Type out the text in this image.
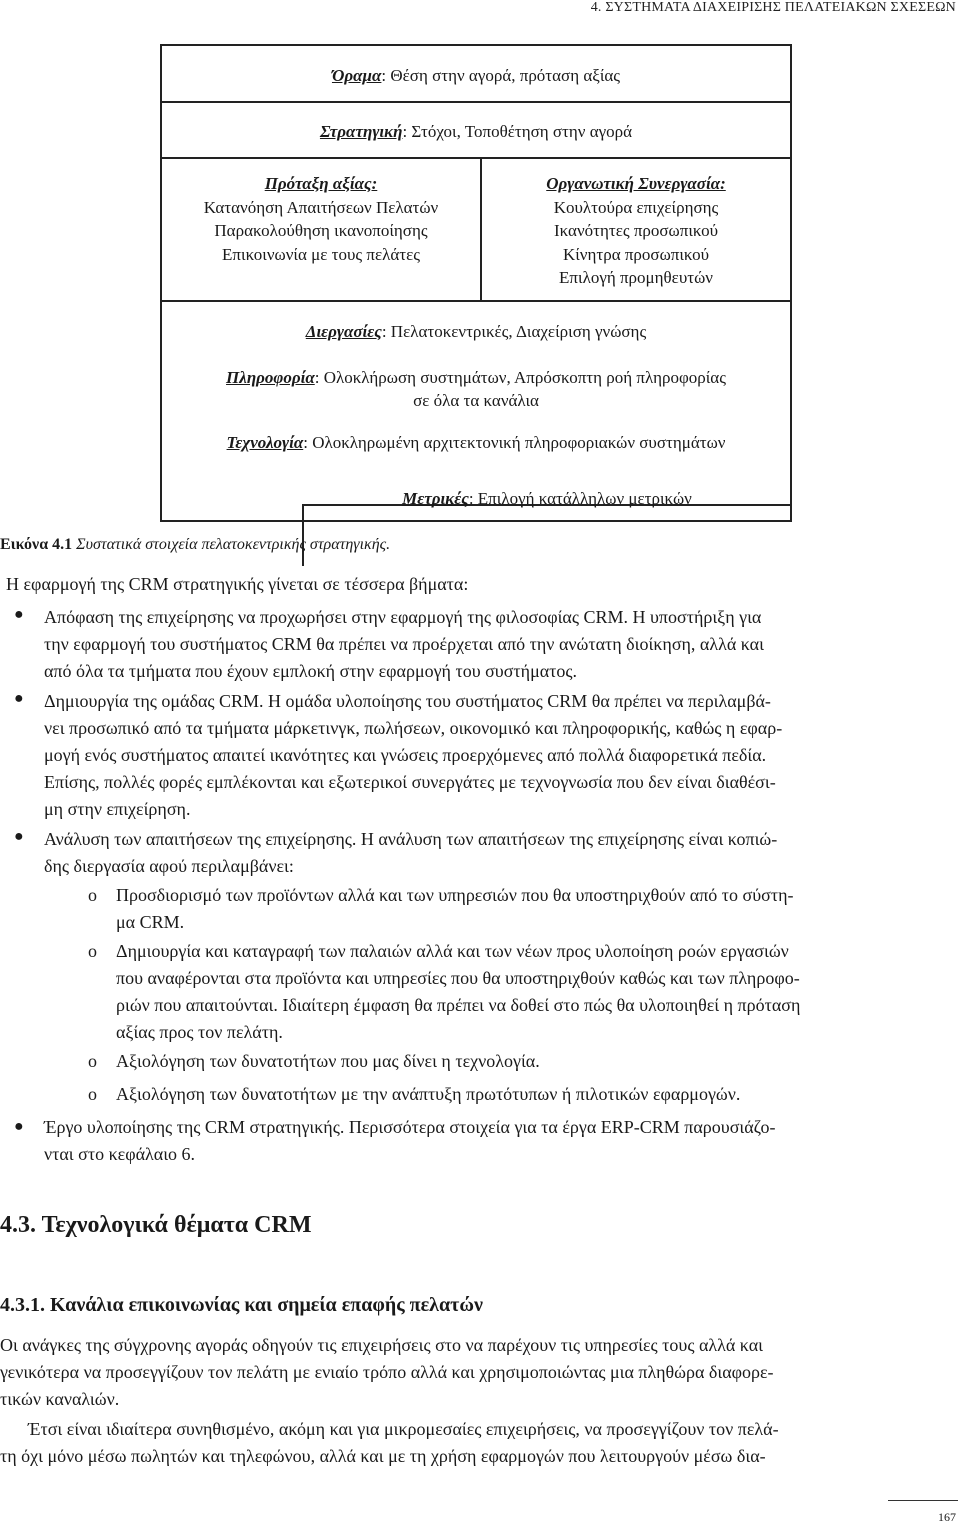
4. ΣΥΣΤΗΜΑΤΑ ΔΙΑΧΕΙΡΙΣΗΣ ΠΕΛΑΤΕΙΑΚΩΝ ΣΧΕΣΕΩΝ
Όραμα: Θέση στην αγορά, πρόταση αξίας
Στρατηγική: Στόχοι, Τοποθέτηση στην αγορά
Πρόταξη αξίας:
Κατανόηση Απαιτήσεων Πελατών
Παρακολούθηση ικανοποίησης
Επικοινωνία με τους πελάτες
Οργανωτική Συνεργασία:
Κουλτούρα επιχείρησης
Ικανότητες προσωπικού
Κίνητρα προσωπικού
Επιλογή προμηθευτών
Διεργασίες: Πελατοκεντρικές, Διαχείριση γνώσης
Πληροφορία: Ολοκλήρωση συστημάτων, Απρόσκοπτη ροή πληροφορίας
σε όλα τα κανάλια
Τεχνολογία: Ολοκληρωμένη αρχιτεκτονική πληροφοριακών συστημάτων
Μετρικές: Επιλογή κατάλληλων μετρικών
Εικόνα 4.1 Συστατικά στοιχεία πελατοκεντρικής στρατηγικής.
Η εφαρμογή της CRM στρατηγικής γίνεται σε τέσσερα βήματα:
● Απόφαση της επιχείρησης να προχωρήσει στην εφαρμογή της φιλοσοφίας CRM. Η υποστήριξη για
την εφαρμογή του συστήματος CRM θα πρέπει να προέρχεται από την ανώτατη διοίκηση, αλλά και
από όλα τα τμήματα που έχουν εμπλοκή στην εφαρμογή του συστήματος.
● Δημιουργία της ομάδας CRM. Η ομάδα υλοποίησης του συστήματος CRM θα πρέπει να περιλαμβά-
νει προσωπικό από τα τμήματα μάρκετινγκ, πωλήσεων, οικονομικό και πληροφορικής, καθώς η εφαρ-
μογή ενός συστήματος απαιτεί ικανότητες και γνώσεις προερχόμενες από πολλά διαφορετικά πεδία.
Επίσης, πολλές φορές εμπλέκονται και εξωτερικοί συνεργάτες με τεχνογνωσία που δεν είναι διαθέσι-
μη στην επιχείρηση.
● Ανάλυση των απαιτήσεων της επιχείρησης. Η ανάλυση των απαιτήσεων της επιχείρησης είναι κοπιώ-
δης διεργασία αφού περιλαμβάνει:
o Προσδιορισμό των προϊόντων αλλά και των υπηρεσιών που θα υποστηριχθούν από το σύστη-
μα CRM.
o Δημιουργία και καταγραφή των παλαιών αλλά και των νέων προς υλοποίηση ροών εργασιών
που αναφέρονται στα προϊόντα και υπηρεσίες που θα υποστηριχθούν καθώς και των πληροφο-
ριών που απαιτούνται. Ιδιαίτερη έμφαση θα πρέπει να δοθεί στο πώς θα υλοποιηθεί η πρόταση
αξίας προς τον πελάτη.
o Αξιολόγηση των δυνατοτήτων που μας δίνει η τεχνολογία.
o Αξιολόγηση των δυνατοτήτων με την ανάπτυξη πρωτότυπων ή πιλοτικών εφαρμογών.
● Έργο υλοποίησης της CRM στρατηγικής. Περισσότερα στοιχεία για τα έργα ERP-CRM παρουσιάζο-
νται στο κεφάλαιο 6.
4.3. Τεχνολογικά θέματα CRM
4.3.1. Κανάλια επικοινωνίας και σημεία επαφής πελατών
Οι ανάγκες της σύγχρονης αγοράς οδηγούν τις επιχειρήσεις στο να παρέχουν τις υπηρεσίες τους αλλά και
γενικότερα να προσεγγίζουν τον πελάτη με ενιαίο τρόπο αλλά και χρησιμοποιώντας μια πληθώρα διαφορε-
τικών καναλιών.
Έτσι είναι ιδιαίτερα συνηθισμένο, ακόμη και για μικρομεσαίες επιχειρήσεις, να προσεγγίζουν τον πελά-
τη όχι μόνο μέσω πωλητών και τηλεφώνου, αλλά και με τη χρήση εφαρμογών που λειτουργούν μέσω δια-
167
